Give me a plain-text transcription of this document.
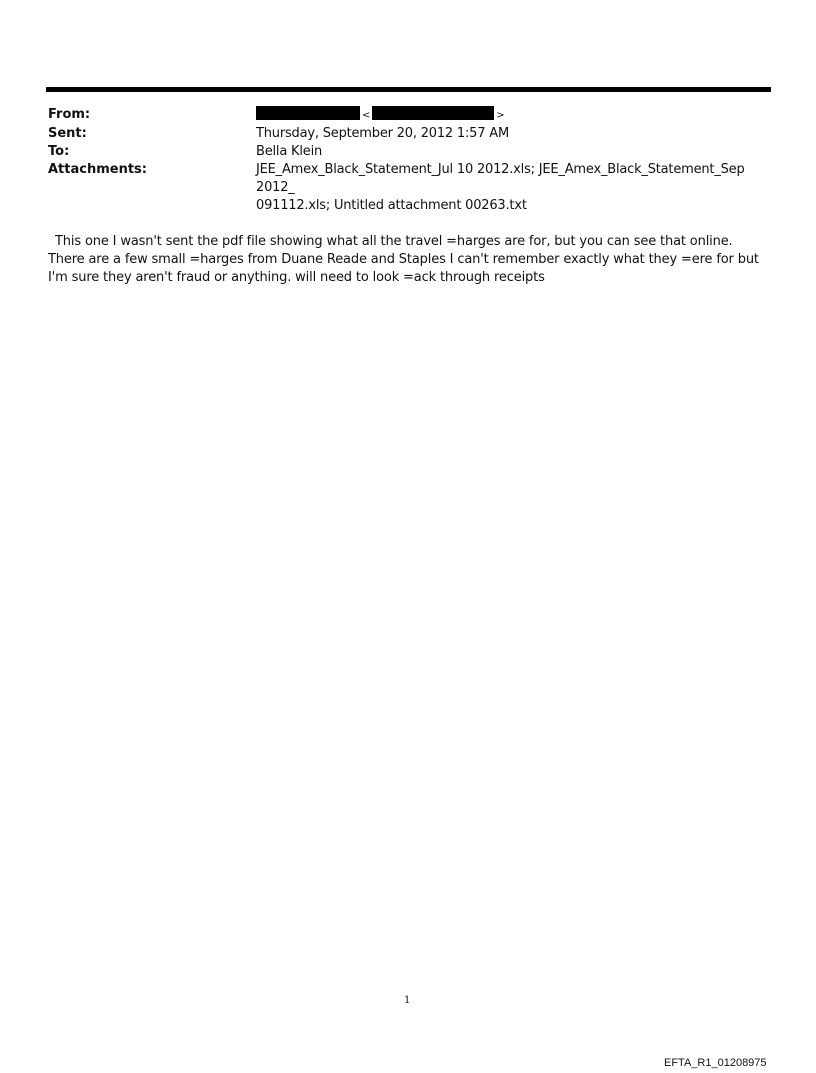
From:	<	>
Sent:	Thursday, September 20, 2012 1:57 AM
To:	Bella Klein
Attachments:	JEE_Amex_Black_Statement_Jul 10 2012.xls; JEE_Amex_Black_Statement_Sep 2012_
091112.xls; Untitled attachment 00263.txt

This one I wasn't sent the pdf file showing what all the travel =harges are for, but you can see that online. There are a few small =harges from Duane Reade and Staples I can't remember exactly what they =ere for but I'm sure they aren't fraud or anything. will need to look =ack through receipts

1
EFTA_R1_01208975
